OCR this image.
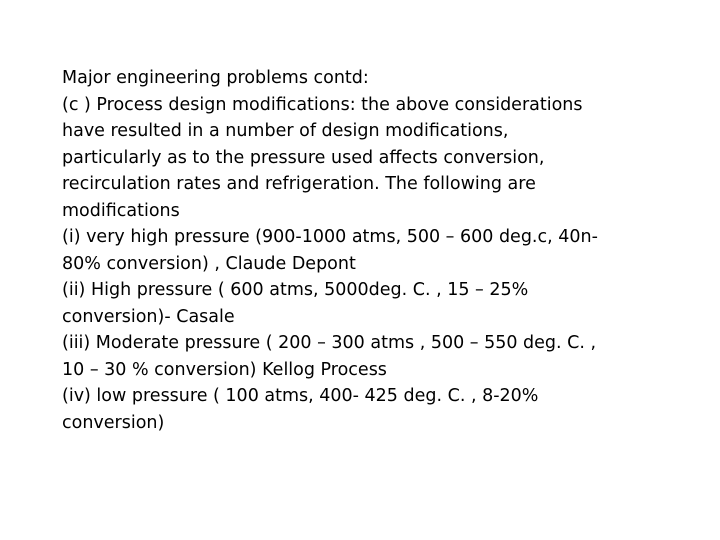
Major engineering problems contd:
(c ) Process design modifications: the above considerations
have resulted in a number of design modifications,
particularly as to the pressure used affects conversion,
recirculation rates and refrigeration. The following are
modifications
(i) very high pressure (900-1000 atms, 500 – 600 deg.c, 40n-
80% conversion) , Claude Depont
(ii) High pressure ( 600 atms, 5000deg. C. , 15 – 25%
conversion)- Casale
(iii) Moderate pressure ( 200 – 300 atms , 500 – 550 deg. C. ,
10 – 30 % conversion) Kellog Process
(iv) low pressure ( 100 atms, 400- 425 deg. C. , 8-20%
conversion)
